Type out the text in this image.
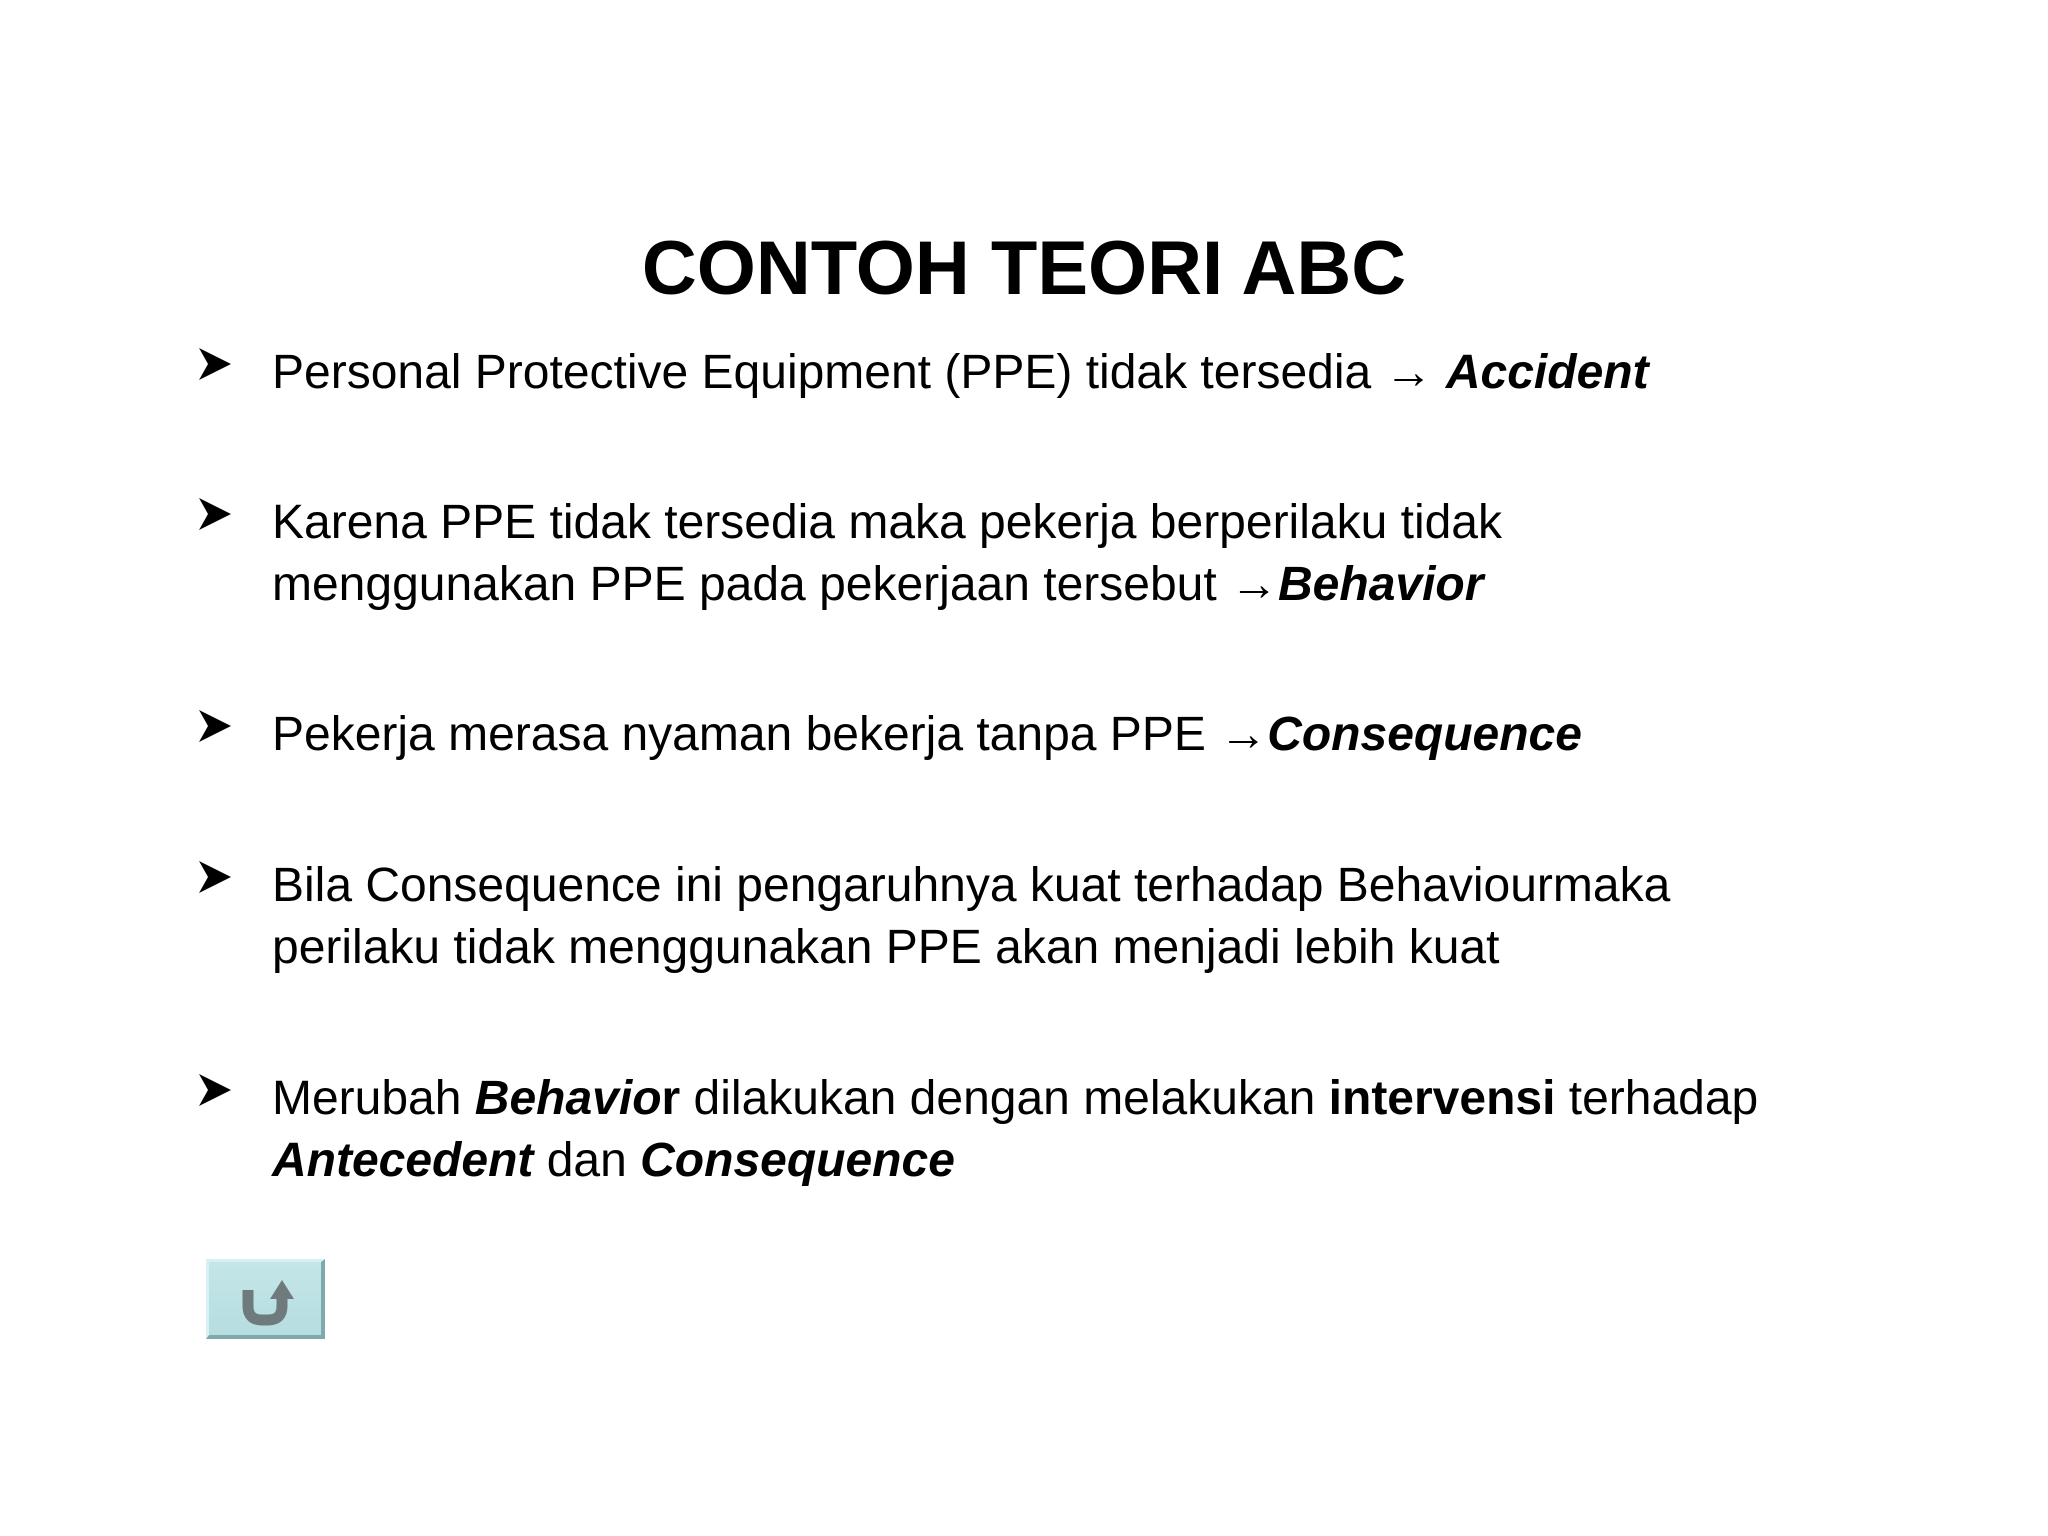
CONTOH TEORI ABC
Personal Protective Equipment (PPE) tidak tersedia → Accident
Karena PPE tidak tersedia maka pekerja berperilaku tidak
menggunakan PPE pada pekerjaan tersebut →Behavior
Pekerja merasa nyaman bekerja tanpa PPE →Consequence
Bila Consequence ini pengaruhnya kuat terhadap Behaviourmaka
perilaku tidak menggunakan PPE akan menjadi lebih kuat
Merubah Behavior dilakukan dengan melakukan intervensi terhadap
Antecedent dan Consequence
